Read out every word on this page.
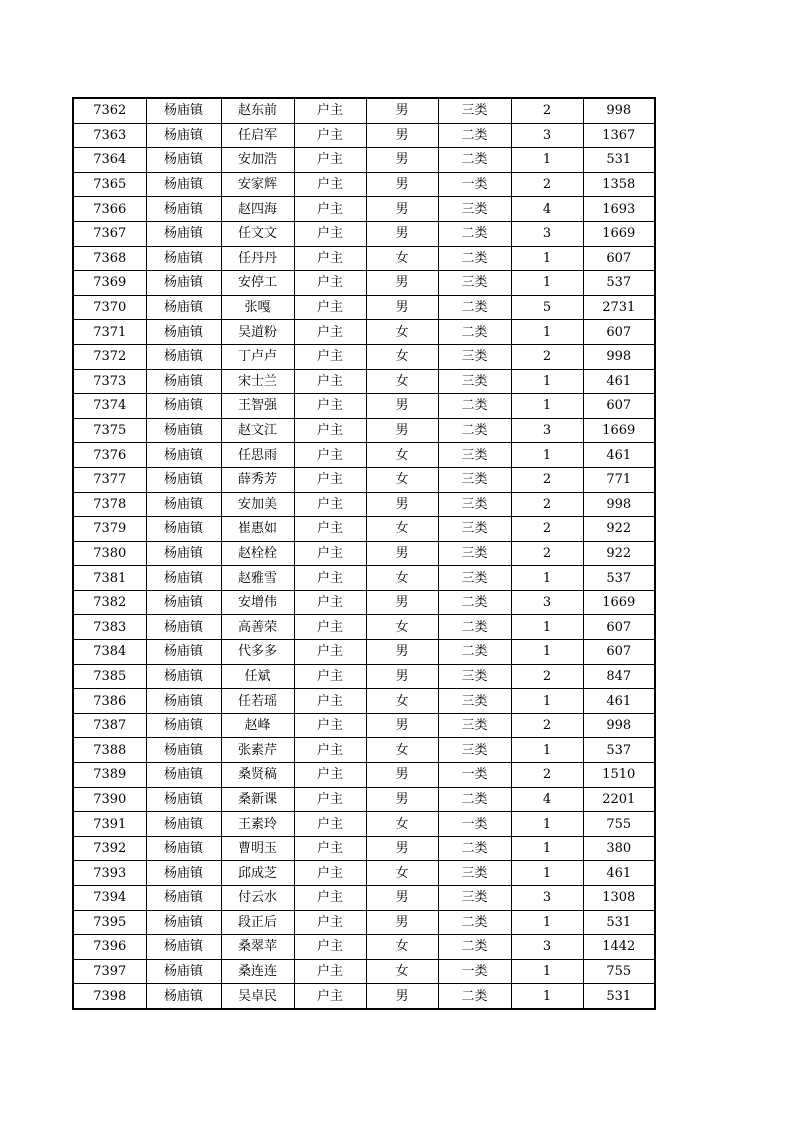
7362	杨庙镇	赵东前	户主	男	三类	2	998
7363	杨庙镇	任启军	户主	男	二类	3	1367
7364	杨庙镇	安加浩	户主	男	二类	1	531
7365	杨庙镇	安家辉	户主	男	一类	2	1358
7366	杨庙镇	赵四海	户主	男	三类	4	1693
7367	杨庙镇	任文文	户主	男	二类	3	1669
7368	杨庙镇	任丹丹	户主	女	二类	1	607
7369	杨庙镇	安停工	户主	男	三类	1	537
7370	杨庙镇	张嘎	户主	男	二类	5	2731
7371	杨庙镇	吴道粉	户主	女	二类	1	607
7372	杨庙镇	丁卢卢	户主	女	三类	2	998
7373	杨庙镇	宋士兰	户主	女	三类	1	461
7374	杨庙镇	王智强	户主	男	二类	1	607
7375	杨庙镇	赵文江	户主	男	二类	3	1669
7376	杨庙镇	任思雨	户主	女	三类	1	461
7377	杨庙镇	薛秀芳	户主	女	三类	2	771
7378	杨庙镇	安加美	户主	男	三类	2	998
7379	杨庙镇	崔惠如	户主	女	三类	2	922
7380	杨庙镇	赵栓栓	户主	男	三类	2	922
7381	杨庙镇	赵雅雪	户主	女	三类	1	537
7382	杨庙镇	安增伟	户主	男	二类	3	1669
7383	杨庙镇	高善荣	户主	女	二类	1	607
7384	杨庙镇	代多多	户主	男	二类	1	607
7385	杨庙镇	任斌	户主	男	三类	2	847
7386	杨庙镇	任若瑶	户主	女	三类	1	461
7387	杨庙镇	赵峰	户主	男	三类	2	998
7388	杨庙镇	张素芹	户主	女	三类	1	537
7389	杨庙镇	桑贤稿	户主	男	一类	2	1510
7390	杨庙镇	桑新课	户主	男	二类	4	2201
7391	杨庙镇	王素玲	户主	女	一类	1	755
7392	杨庙镇	曹明玉	户主	男	二类	1	380
7393	杨庙镇	邱成芝	户主	女	三类	1	461
7394	杨庙镇	付云水	户主	男	三类	3	1308
7395	杨庙镇	段正后	户主	男	二类	1	531
7396	杨庙镇	桑翠苹	户主	女	二类	3	1442
7397	杨庙镇	桑连连	户主	女	一类	1	755
7398	杨庙镇	吴卓民	户主	男	二类	1	531
